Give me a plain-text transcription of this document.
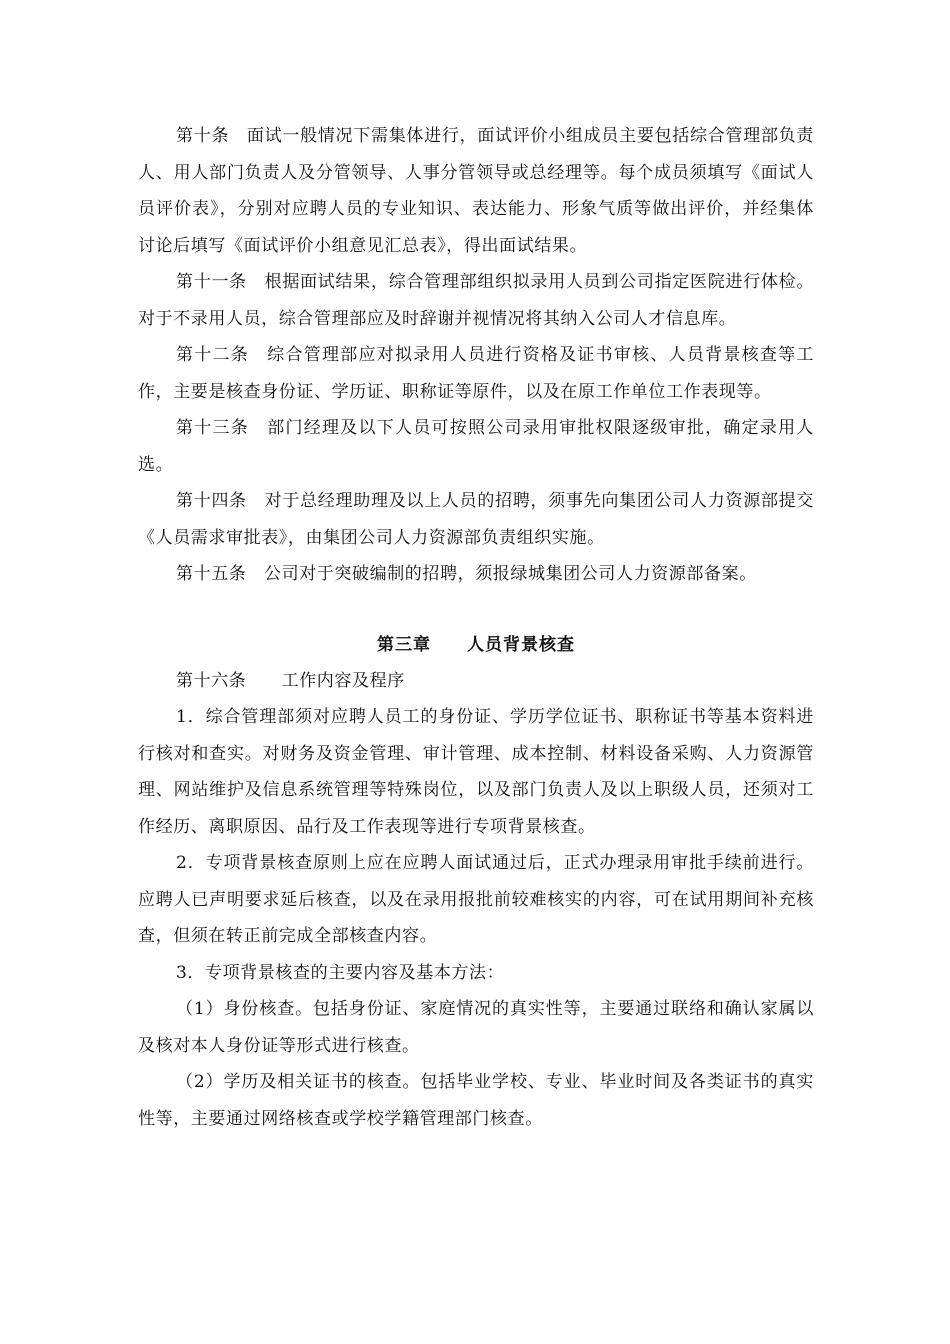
第十条　面试一般情况下需集体进行，面试评价小组成员主要包括综合管理部负责人、用人部门负责人及分管领导、人事分管领导或总经理等。每个成员须填写《面试人员评价表》，分别对应聘人员的专业知识、表达能力、形象气质等做出评价，并经集体讨论后填写《面试评价小组意见汇总表》，得出面试结果。

第十一条　根据面试结果，综合管理部组织拟录用人员到公司指定医院进行体检。对于不录用人员，综合管理部应及时辞谢并视情况将其纳入公司人才信息库。

第十二条　综合管理部应对拟录用人员进行资格及证书审核、人员背景核查等工作，主要是核查身份证、学历证、职称证等原件，以及在原工作单位工作表现等。

第十三条　部门经理及以下人员可按照公司录用审批权限逐级审批，确定录用人选。

第十四条　对于总经理助理及以上人员的招聘，须事先向集团公司人力资源部提交《人员需求审批表》，由集团公司人力资源部负责组织实施。

第十五条　公司对于突破编制的招聘，须报绿城集团公司人力资源部备案。

第三章　　人员背景核查

第十六条　　工作内容及程序

1．综合管理部须对应聘人员工的身份证、学历学位证书、职称证书等基本资料进行核对和查实。对财务及资金管理、审计管理、成本控制、材料设备采购、人力资源管理、网站维护及信息系统管理等特殊岗位，以及部门负责人及以上职级人员，还须对工作经历、离职原因、品行及工作表现等进行专项背景核查。

2．专项背景核查原则上应在应聘人面试通过后，正式办理录用审批手续前进行。应聘人已声明要求延后核查，以及在录用报批前较难核实的内容，可在试用期间补充核查，但须在转正前完成全部核查内容。

3．专项背景核查的主要内容及基本方法：

（1）身份核查。包括身份证、家庭情况的真实性等，主要通过联络和确认家属以及核对本人身份证等形式进行核查。

（2）学历及相关证书的核查。包括毕业学校、专业、毕业时间及各类证书的真实性等，主要通过网络核查或学校学籍管理部门核查。
